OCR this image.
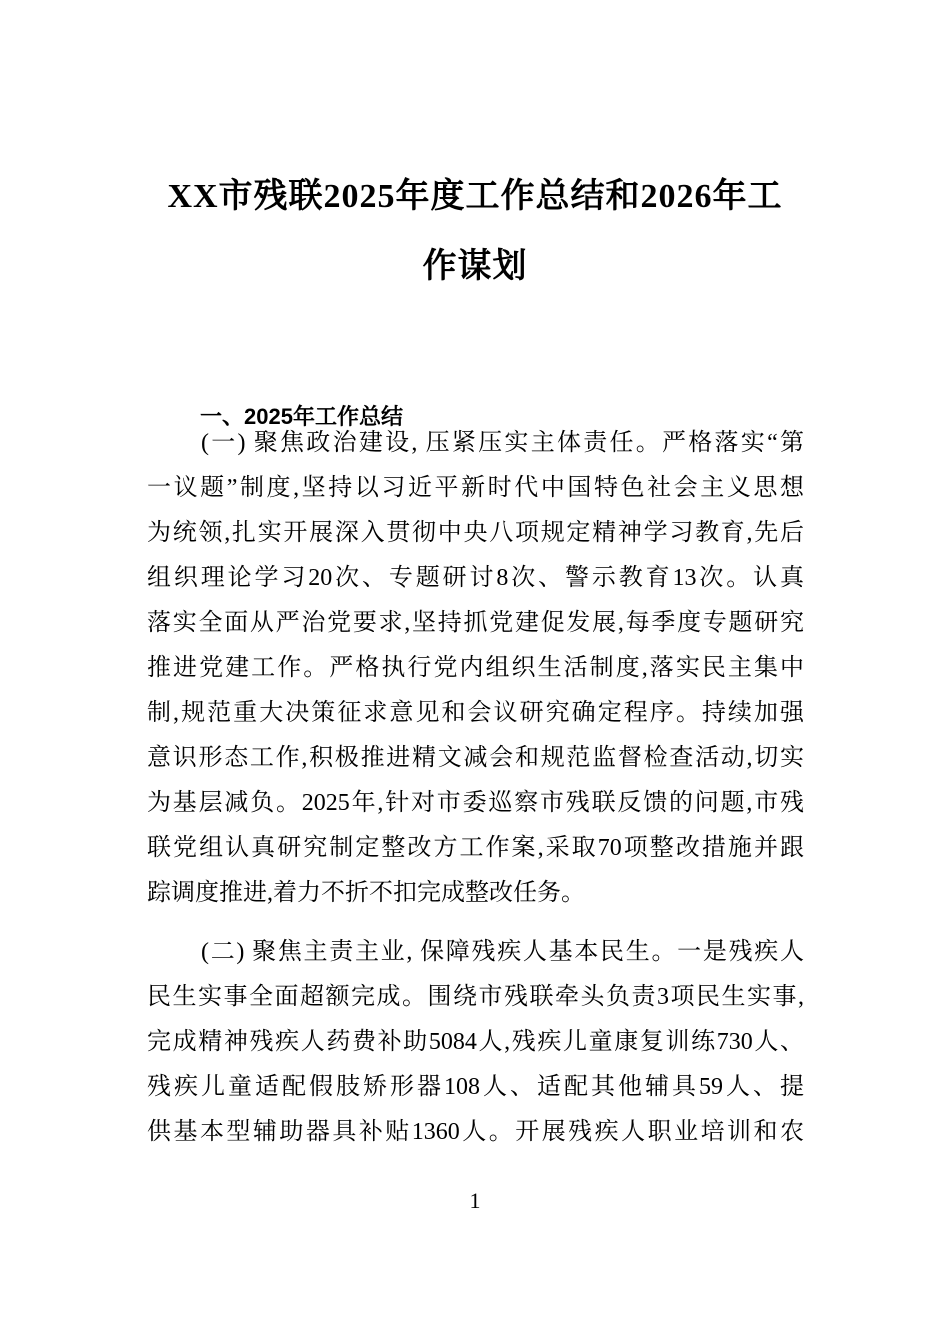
XX市残联2025年度工作总结和2026年工
作谋划
一、2025年工作总结
(一) 聚焦政治建设, 压紧压实主体责任。严格落实“第
一议题”制度,坚持以习近平新时代中国特色社会主义思想
为统领,扎实开展深入贯彻中央八项规定精神学习教育,先后
组织理论学习20次、专题研讨8次、警示教育13次。认真
落实全面从严治党要求,坚持抓党建促发展,每季度专题研究
推进党建工作。严格执行党内组织生活制度,落实民主集中
制,规范重大决策征求意见和会议研究确定程序。持续加强
意识形态工作,积极推进精文减会和规范监督检查活动,切实
为基层减负。2025年,针对市委巡察市残联反馈的问题,市残
联党组认真研究制定整改方工作案,采取70项整改措施并跟
踪调度推进,着力不折不扣完成整改任务。
(二) 聚焦主责主业, 保障残疾人基本民生。一是残疾人
民生实事全面超额完成。围绕市残联牵头负责3项民生实事,
完成精神残疾人药费补助5084人,残疾儿童康复训练730人、
残疾儿童适配假肢矫形器108人、适配其他辅具59人、提
供基本型辅助器具补贴1360人。开展残疾人职业培训和农
1
